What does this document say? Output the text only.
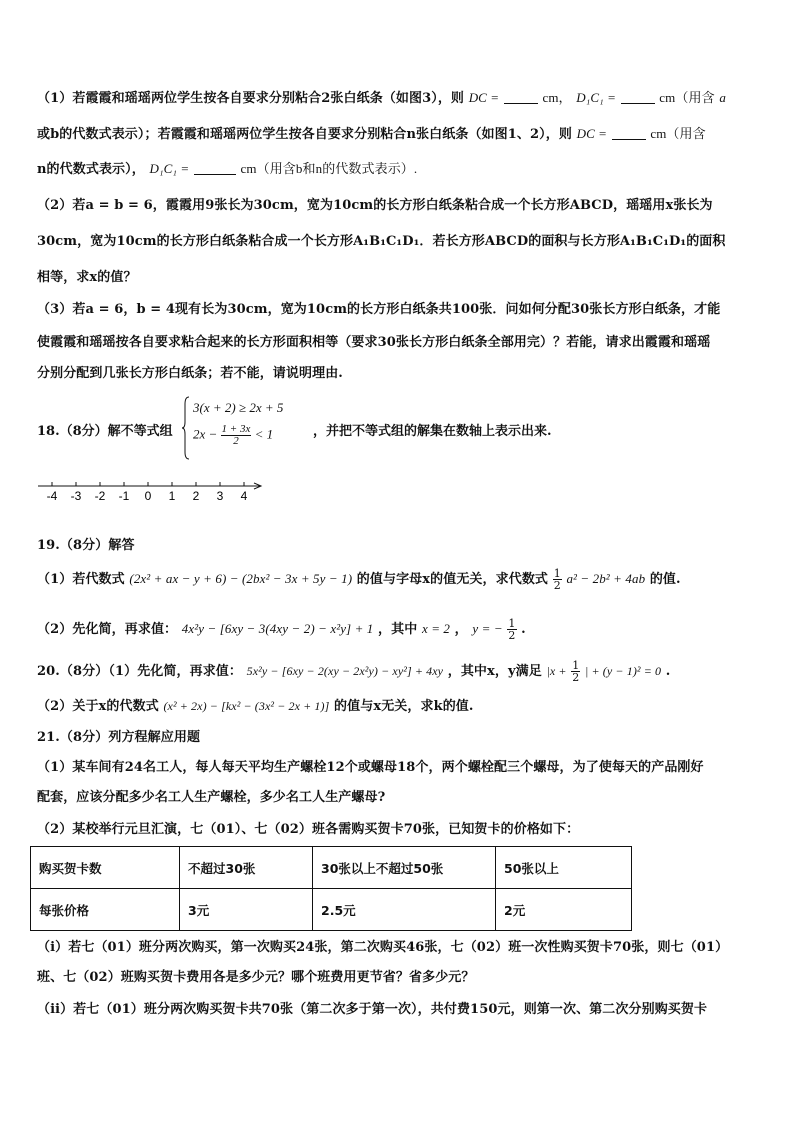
（1）若霞霞和瑶瑶两位学生按各自要求分别粘合2张白纸条（如图3），则 DC =	cm， D₁C₁ =	cm（用含 a
或b的代数式表示）；若霞霞和瑶瑶两位学生按各自要求分别粘合n张白纸条（如图1、2），则 DC =	cm（用含
n的代数式表示）， D₁C₁ =	cm（用含b和n的代数式表示）.
（2）若a = b = 6，霞霞用9张长为30cm，宽为10cm的长方形白纸条粘合成一个长方形ABCD，瑶瑶用x张长为
30cm，宽为10cm的长方形白纸条粘合成一个长方形A₁B₁C₁D₁．若长方形ABCD的面积与长方形A₁B₁C₁D₁的面积
相等，求x的值？
（3）若a = 6，b = 4现有长为30cm，宽为10cm的长方形白纸条共100张．问如何分配30张长方形白纸条，才能
使霞霞和瑶瑶按各自要求粘合起来的长方形面积相等（要求30张长方形白纸条全部用完）？若能，请求出霞霞和瑶瑶
分别分配到几张长方形白纸条；若不能，请说明理由.
18.（8分）解不等式组
3(x + 2) ≥ 2x + 5
$2x - \frac{1 + 3x}{2} < 1$	，并把不等式组的解集在数轴上表示出来.
-4 -3 -2 -1 0 1 2 3 4
19.（8分）解答
（1）若代数式 (2x² + ax − y + 6) − (2bx² − 3x + 5y − 1) 的值与字母x的值无关，求代数式 $\frac{1}{2} a^2 - 2b^2 + 4ab$ 的值.
（2）先化简，再求值： 4x²y − [6xy − 3(4xy − 2) − x²y] + 1 ，其中 x = 2 ， y = − $\frac{1}{2}$ .
20.（8分）（1）先化简，再求值： 5x²y − [6xy − 2(xy − 2x²y) − xy²] + 4xy ，其中x，y满足 $|x + \frac{1}{2}$ | + (y − 1)² = 0 .
（2）关于x的代数式 (x² + 2x) − [kx² − (3x² − 2x + 1)] 的值与x无关，求k的值.
21.（8分）列方程解应用题
（1）某车间有24名工人，每人每天平均生产螺栓12个或螺母18个，两个螺栓配三个螺母，为了使每天的产品刚好
配套，应该分配多少名工人生产螺栓，多少名工人生产螺母?
（2）某校举行元旦汇演，七（01）、七（02）班各需购买贺卡70张，已知贺卡的价格如下：
购买贺卡数	不超过30张	30张以上不超过50张	50张以上
每张价格	3元	2.5元	2元
（i）若七（01）班分两次购买，第一次购买24张，第二次购买46张，七（02）班一次性购买贺卡70张，则七（01）
班、七（02）班购买贺卡费用各是多少元？哪个班费用更节省？省多少元？
（ⅱ）若七（01）班分两次购买贺卡共70张（第二次多于第一次），共付费150元，则第一次、第二次分别购买贺卡
